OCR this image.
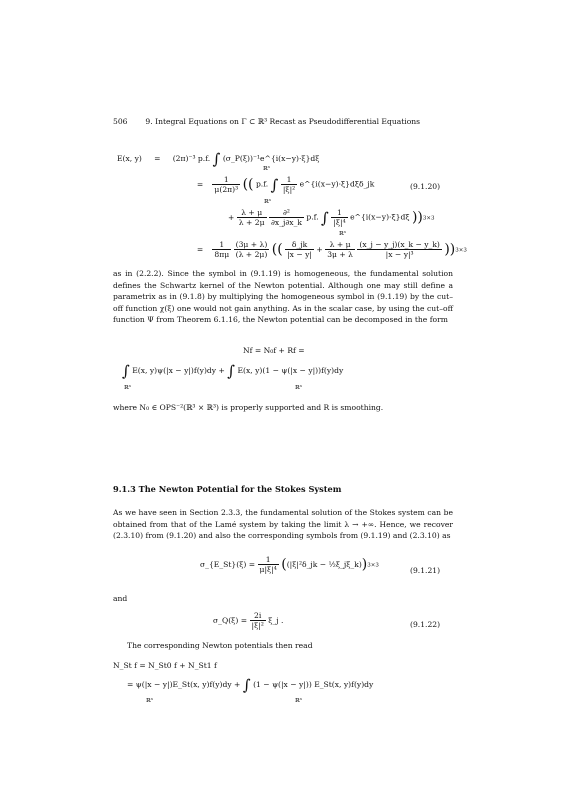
506 9. Integral Equations on Γ ⊂ ℝ³ Recast as Pseudodifferential Equations
E(x, y) = (2π)⁻³ p.f. ∫ (σ_P(ξ))⁻¹e^{i(x−y)·ξ}dξ
ℝ³
= $\frac{1}{\text{μ(2π)³}}$ (( p.f. ∫ $\frac{1}{\text{|ξ|²}}$ e^{i(x−y)·ξ}dξδ_jk
ℝ³
(9.1.20)
+ $\frac{\lambda + \mu}{\lambda + 2\mu}$
$\frac{\text{∂²}}{\partial x\_j\partial x\_k} p.f$. ∫ $\frac{1}{\text{|ξ|⁴}}$ e^{i(x−y)·ξ}dξ ))3×3
ℝ³
= $\frac{1}{8\pi\mu}$
$\frac{(3\mu + \lambda)}{(\lambda + 2\mu)}$ (( $\frac{\delta\_jk}{|x - y|} + \frac{\lambda + \mu}{3\mu + \lambda}$
$\frac{(x\_j - y\_j)(x\_k - y\_k)}{\text{|x − y|³}} ))3\times 3$

as in (2.2.2). Since the symbol in (9.1.19) is homogeneous, the fundamental solution defines the Schwartz kernel of the Newton potential. Although one may still define a parametrix as in (9.1.8) by multiplying the homogeneous symbol in (9.1.19) by the cut–off function χ(ξ) one would not gain anything. As in the scalar case, by using the cut–off function Ψ from Theorem 6.1.16, the Newton potential can be decomposed in the form

Nf = N₀f + Rf =
∫ E(x, y)ψ(|x − y|)f(y)dy + ∫ E(x, y)(1 − ψ(|x − y|))f(y)dy
ℝ³	ℝ³

where N₀ ∈ OPS⁻²(ℝ³ × ℝ³) is properly supported and R is smoothing.

9.1.3 The Newton Potential for the Stokes System

As we have seen in Section 2.3.3, the fundamental solution of the Stokes system can be obtained from that of the Lamé system by taking the limit λ → +∞. Hence, we recover (2.3.10) from (9.1.20) and also the corresponding symbols from (9.1.19) and (2.3.10) as

σ_{E_St}(ξ) = $\frac{1}{\text{μ|ξ|⁴}}$ ((|ξ|²δ_jk − ½ξ_jξ_k))3×3
(9.1.21)
and
σ_Q(ξ) = $\frac{2i}{\text{|ξ|²}}$ ξ_j .	(9.1.22)

The corresponding Newton potentials then read

N_St f = N_St0 f + N_St1 f
= ψ(|x − y|)E_St(x, y)f(y)dy + ∫ (1 − ψ(|x − y|)) E_St(x, y)f(y)dy
ℝ³	ℝ³
